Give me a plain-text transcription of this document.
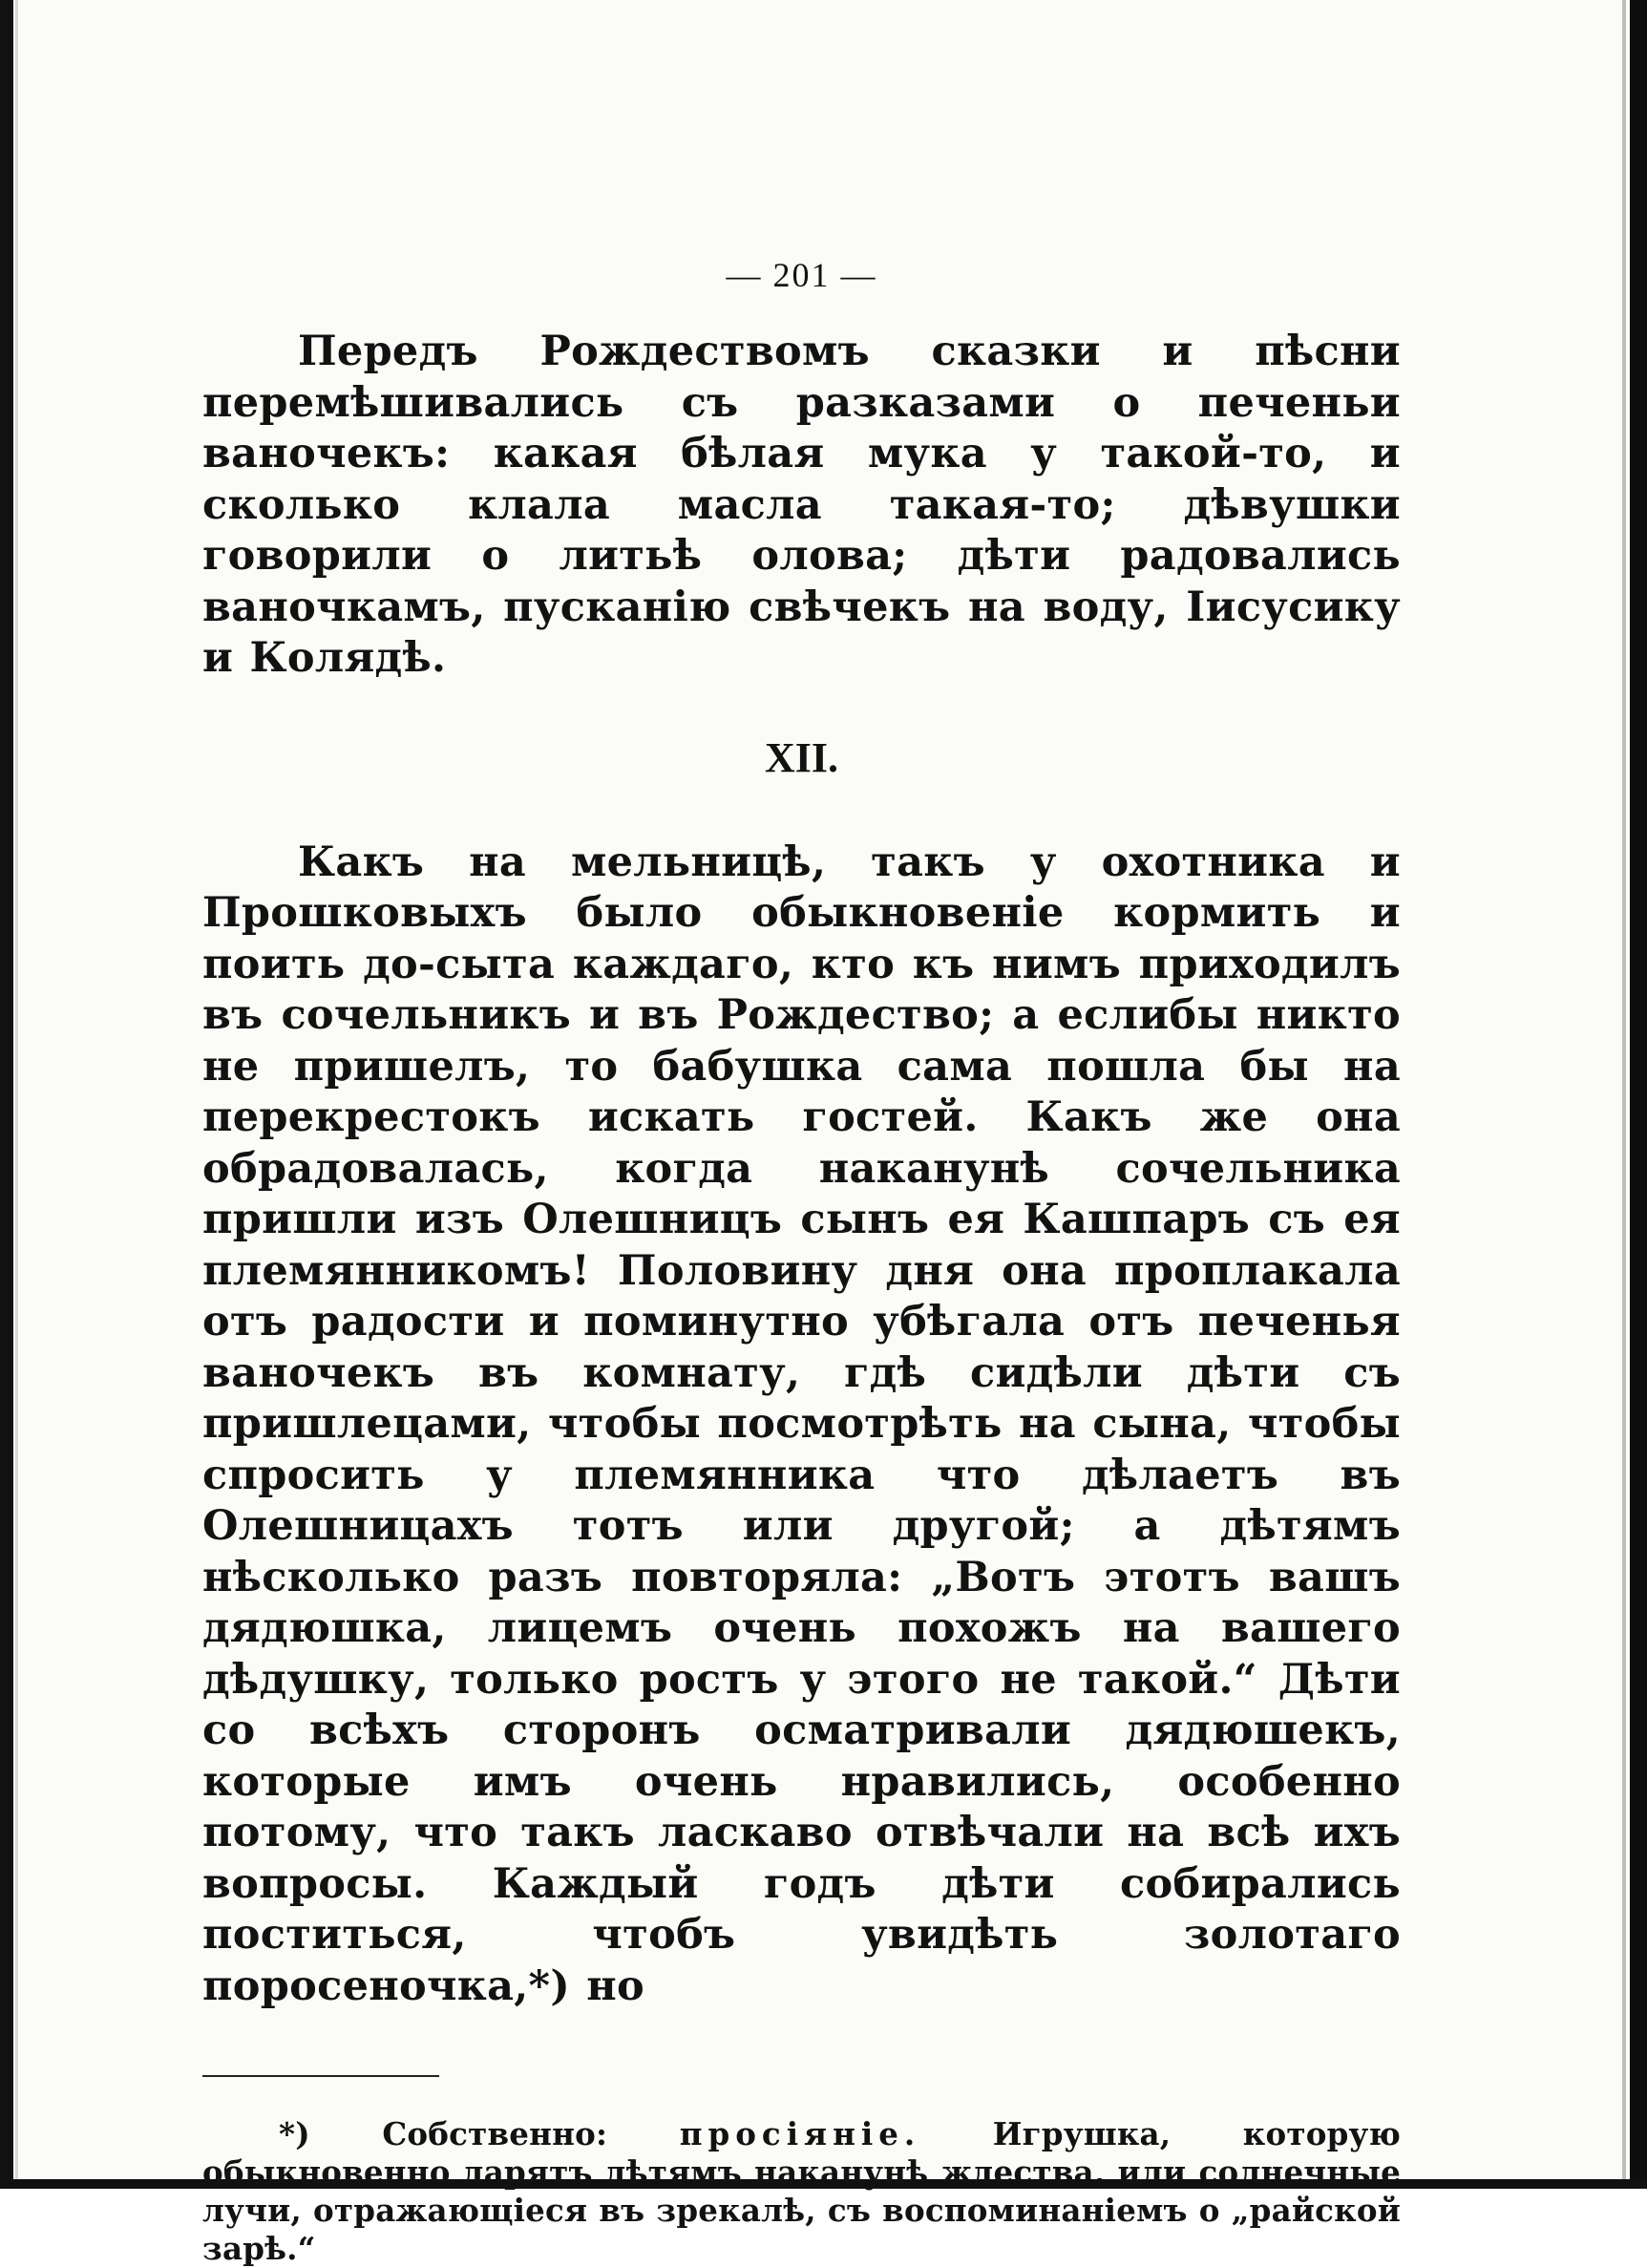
— 201 —

Передъ Рождествомъ сказки и пѣсни перемѣшивались съ разказами о печеньи ваночекъ: какая бѣлая мука у такой-то, и сколько клала масла такая-то; дѣвушки говорили о литьѣ олова; дѣти радовались ваночкамъ, пусканію свѣчекъ на воду, Іисусику и Колядѣ.

XII.

Какъ на мельницѣ, такъ у охотника и Прошковыхъ было обыкновеніе кормить и поить до-сыта каждаго, кто къ нимъ приходилъ въ сочельникъ и въ Рождество; а еслибы никто не пришелъ, то бабушка сама пошла бы на перекрестокъ искать гостей. Какъ же она обрадовалась, когда наканунѣ сочельника пришли изъ Олешницъ сынъ ея Кашпаръ съ ея племянникомъ! Половину дня она проплакала отъ радости и поминутно убѣгала отъ печенья ваночекъ въ комнату, гдѣ сидѣли дѣти съ пришлецами, чтобы посмотрѣть на сына, чтобы спросить у племянника что дѣлаетъ въ Олешницахъ тотъ или другой; а дѣтямъ нѣсколько разъ повторяла: „Вотъ этотъ вашъ дядюшка, лицемъ очень похожъ на вашего дѣдушку, только ростъ у этого не такой.“ Дѣти со всѣхъ сторонъ осматривали дядюшекъ, которые имъ очень нравились, особенно потому, что такъ ласкаво отвѣчали на всѣ ихъ вопросы. Каждый годъ дѣти собирались поститься, чтобъ увидѣть золотаго поросеночка,*) но

*) Собственно: просіяніе. Игрушка, которую обыкновенно дарятъ дѣтямъ наканунѣ ждества, или солнечные лучи, отражающіеся въ зрекалѣ, съ воспоминаніемъ о „райской зарѣ.“
